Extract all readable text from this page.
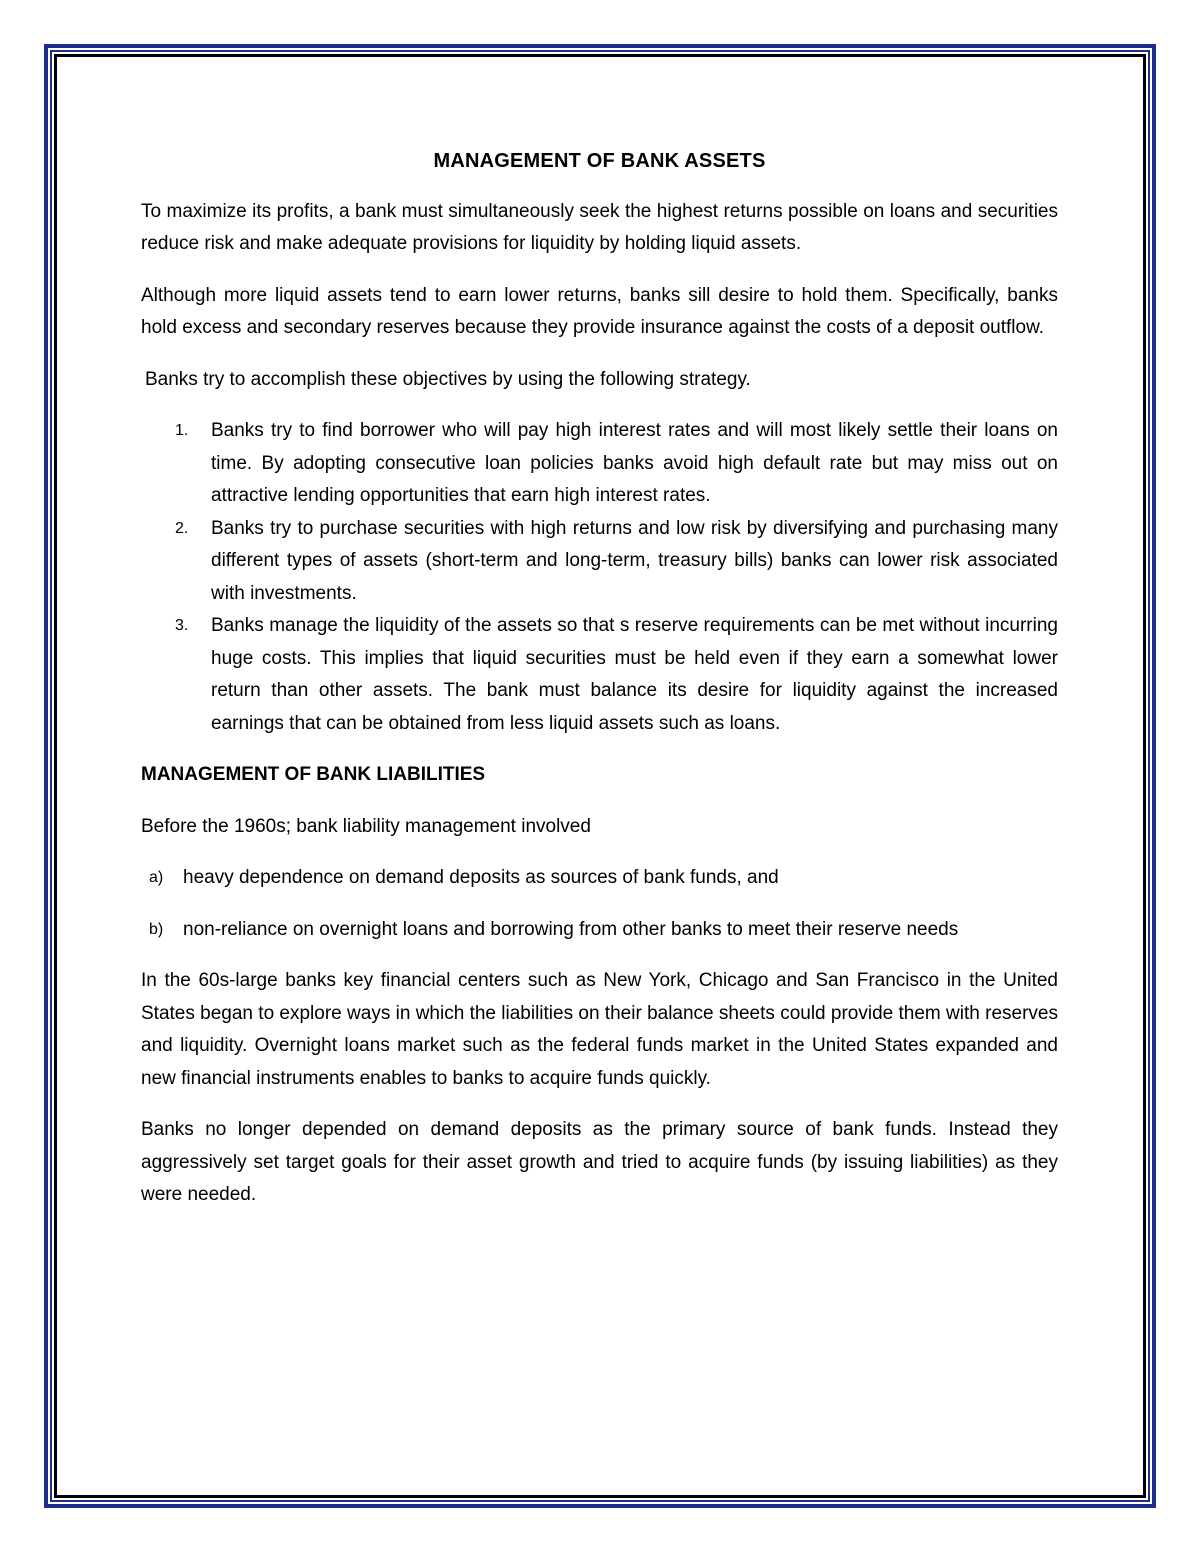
MANAGEMENT OF BANK ASSETS

To maximize its profits, a bank must simultaneously seek the highest returns possible on loans and securities reduce risk and make adequate provisions for liquidity by holding liquid assets.

Although more liquid assets tend to earn lower returns, banks sill desire to hold them. Specifically, banks hold excess and secondary reserves because they provide insurance against the costs of a deposit outflow.

Banks try to accomplish these objectives by using the following strategy.

1. Banks try to find borrower who will pay high interest rates and will most likely settle their loans on time. By adopting consecutive loan policies banks avoid high default rate but may miss out on attractive lending opportunities that earn high interest rates.
2. Banks try to purchase securities with high returns and low risk by diversifying and purchasing many different types of assets (short-term and long-term, treasury bills) banks can lower risk associated with investments.
3. Banks manage the liquidity of the assets so that s reserve requirements can be met without incurring huge costs. This implies that liquid securities must be held even if they earn a somewhat lower return than other assets. The bank must balance its desire for liquidity against the increased earnings that can be obtained from less liquid assets such as loans.
MANAGEMENT OF BANK LIABILITIES

Before the 1960s; bank liability management involved

a) heavy dependence on demand deposits as sources of bank funds, and
b) non-reliance on overnight loans and borrowing from other banks to meet their reserve needs

In the 60s-large banks key financial centers such as New York, Chicago and San Francisco in the United States began to explore ways in which the liabilities on their balance sheets could provide them with reserves and liquidity. Overnight loans market such as the federal funds market in the United States expanded and new financial instruments enables to banks to acquire funds quickly.

Banks no longer depended on demand deposits as the primary source of bank funds. Instead they aggressively set target goals for their asset growth and tried to acquire funds (by issuing liabilities) as they were needed.
